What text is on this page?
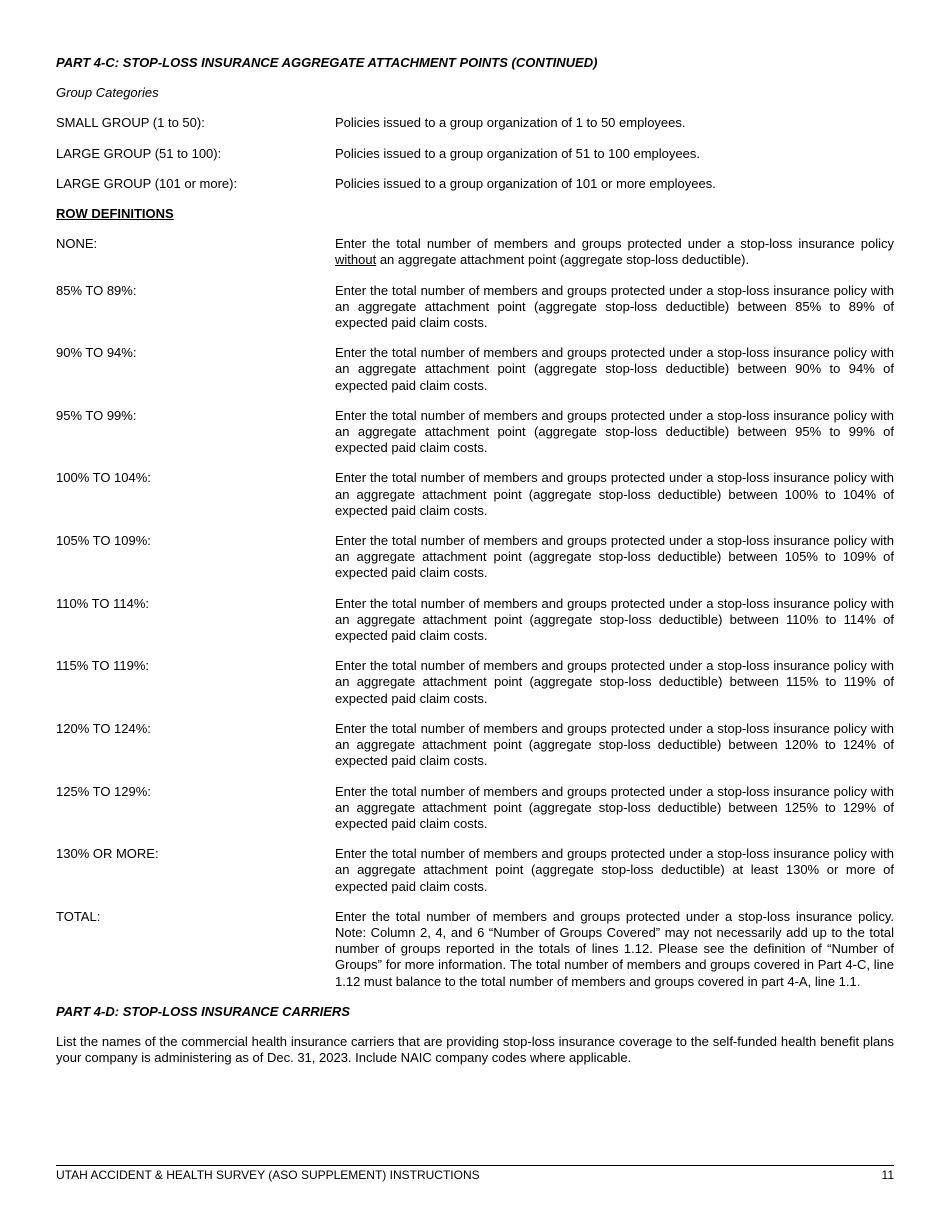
PART 4-C: STOP-LOSS INSURANCE AGGREGATE ATTACHMENT POINTS (CONTINUED)

Group Categories
SMALL GROUP (1 to 50):	Policies issued to a group organization of 1 to 50 employees.
LARGE GROUP (51 to 100):	Policies issued to a group organization of 51 to 100 employees.
LARGE GROUP (101 or more):	Policies issued to a group organization of 101 or more employees.
ROW DEFINITIONS
NONE:	Enter the total number of members and groups protected under a stop-loss insurance policy without an aggregate attachment point (aggregate stop-loss deductible).
85% TO 89%:	Enter the total number of members and groups protected under a stop-loss insurance policy with an aggregate attachment point (aggregate stop-loss deductible) between 85% to 89% of expected paid claim costs.
90% TO 94%:	Enter the total number of members and groups protected under a stop-loss insurance policy with an aggregate attachment point (aggregate stop-loss deductible) between 90% to 94% of expected paid claim costs.
95% TO 99%:	Enter the total number of members and groups protected under a stop-loss insurance policy with an aggregate attachment point (aggregate stop-loss deductible) between 95% to 99% of expected paid claim costs.
100% TO 104%:	Enter the total number of members and groups protected under a stop-loss insurance policy with an aggregate attachment point (aggregate stop-loss deductible) between 100% to 104% of expected paid claim costs.
105% TO 109%:	Enter the total number of members and groups protected under a stop-loss insurance policy with an aggregate attachment point (aggregate stop-loss deductible) between 105% to 109% of expected paid claim costs.
110% TO 114%:	Enter the total number of members and groups protected under a stop-loss insurance policy with an aggregate attachment point (aggregate stop-loss deductible) between 110% to 114% of expected paid claim costs.
115% TO 119%:	Enter the total number of members and groups protected under a stop-loss insurance policy with an aggregate attachment point (aggregate stop-loss deductible) between 115% to 119% of expected paid claim costs.
120% TO 124%:	Enter the total number of members and groups protected under a stop-loss insurance policy with an aggregate attachment point (aggregate stop-loss deductible) between 120% to 124% of expected paid claim costs.
125% TO 129%:	Enter the total number of members and groups protected under a stop-loss insurance policy with an aggregate attachment point (aggregate stop-loss deductible) between 125% to 129% of expected paid claim costs.
130% OR MORE:	Enter the total number of members and groups protected under a stop-loss insurance policy with an aggregate attachment point (aggregate stop-loss deductible) at least 130% or more of expected paid claim costs.
TOTAL:	Enter the total number of members and groups protected under a stop-loss insurance policy. Note: Column 2, 4, and 6 “Number of Groups Covered” may not necessarily add up to the total number of groups reported in the totals of lines 1.12. Please see the definition of “Number of Groups” for more information. The total number of members and groups covered in Part 4-C, line 1.12 must balance to the total number of members and groups covered in part 4-A, line 1.1.

PART 4-D: STOP-LOSS INSURANCE CARRIERS

List the names of the commercial health insurance carriers that are providing stop-loss insurance coverage to the self-funded health benefit plans your company is administering as of Dec. 31, 2023. Include NAIC company codes where applicable.
UTAH ACCIDENT & HEALTH SURVEY (ASO SUPPLEMENT) INSTRUCTIONS	11
